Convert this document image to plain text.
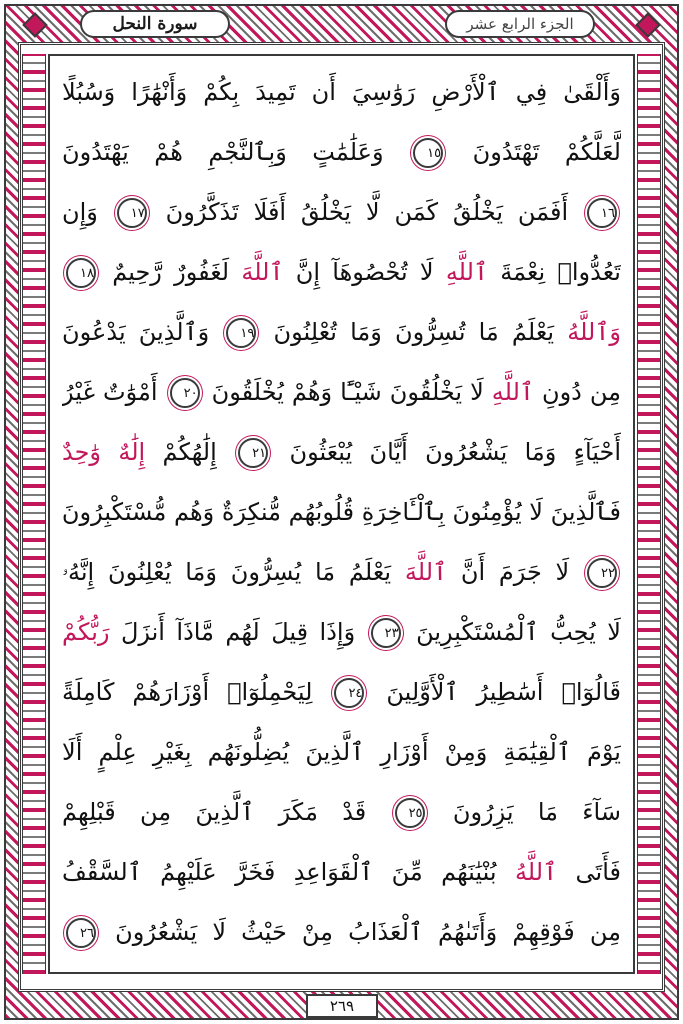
الجزء الرابع عشر
سورة النحل
وَأَلْقَىٰ فِي ٱلْأَرْضِ رَوَٰسِيَ أَن تَمِيدَ بِكُمْ وَأَنْهَٰرًا وَسُبُلًا
لَّعَلَّكُمْ تَهْتَدُونَ ١٥ وَعَلَٰمَٰتٍ وَبِٱلنَّجْمِ هُمْ يَهْتَدُونَ
١٦ أَفَمَن يَخْلُقُ كَمَن لَّا يَخْلُقُ أَفَلَا تَذَكَّرُونَ ١٧ وَإِن
تَعُدُّوا۟ نِعْمَةَ ٱللَّهِ لَا تُحْصُوهَآ إِنَّ ٱللَّهَ لَغَفُورٌ رَّحِيمٌ ١٨
وَٱللَّهُ يَعْلَمُ مَا تُسِرُّونَ وَمَا تُعْلِنُونَ ١٩ وَٱلَّذِينَ يَدْعُونَ
مِن دُونِ ٱللَّهِ لَا يَخْلُقُونَ شَيْـًٔا وَهُمْ يُخْلَقُونَ ٢٠ أَمْوَٰتٌ غَيْرُ
أَحْيَآءٍ وَمَا يَشْعُرُونَ أَيَّانَ يُبْعَثُونَ ٢١ إِلَٰهُكُمْ إِلَٰهٌ وَٰحِدٌ
فَٱلَّذِينَ لَا يُؤْمِنُونَ بِٱلْـَٔاخِرَةِ قُلُوبُهُم مُّنكِرَةٌ وَهُم مُّسْتَكْبِرُونَ
٢٢ لَا جَرَمَ أَنَّ ٱللَّهَ يَعْلَمُ مَا يُسِرُّونَ وَمَا يُعْلِنُونَ إِنَّهُۥ
لَا يُحِبُّ ٱلْمُسْتَكْبِرِينَ ٢٣ وَإِذَا قِيلَ لَهُم مَّاذَآ أَنزَلَ رَبُّكُمْ
قَالُوٓا۟ أَسَٰطِيرُ ٱلْأَوَّلِينَ ٢٤ لِيَحْمِلُوٓا۟ أَوْزَارَهُمْ كَامِلَةً
يَوْمَ ٱلْقِيَٰمَةِ وَمِنْ أَوْزَارِ ٱلَّذِينَ يُضِلُّونَهُم بِغَيْرِ عِلْمٍ أَلَا
سَآءَ مَا يَزِرُونَ ٢٥ قَدْ مَكَرَ ٱلَّذِينَ مِن قَبْلِهِمْ
فَأَتَى ٱللَّهُ بُنْيَٰنَهُم مِّنَ ٱلْقَوَاعِدِ فَخَرَّ عَلَيْهِمُ ٱلسَّقْفُ
مِن فَوْقِهِمْ وَأَتَىٰهُمُ ٱلْعَذَابُ مِنْ حَيْثُ لَا يَشْعُرُونَ ٢٦
٢٦٩
